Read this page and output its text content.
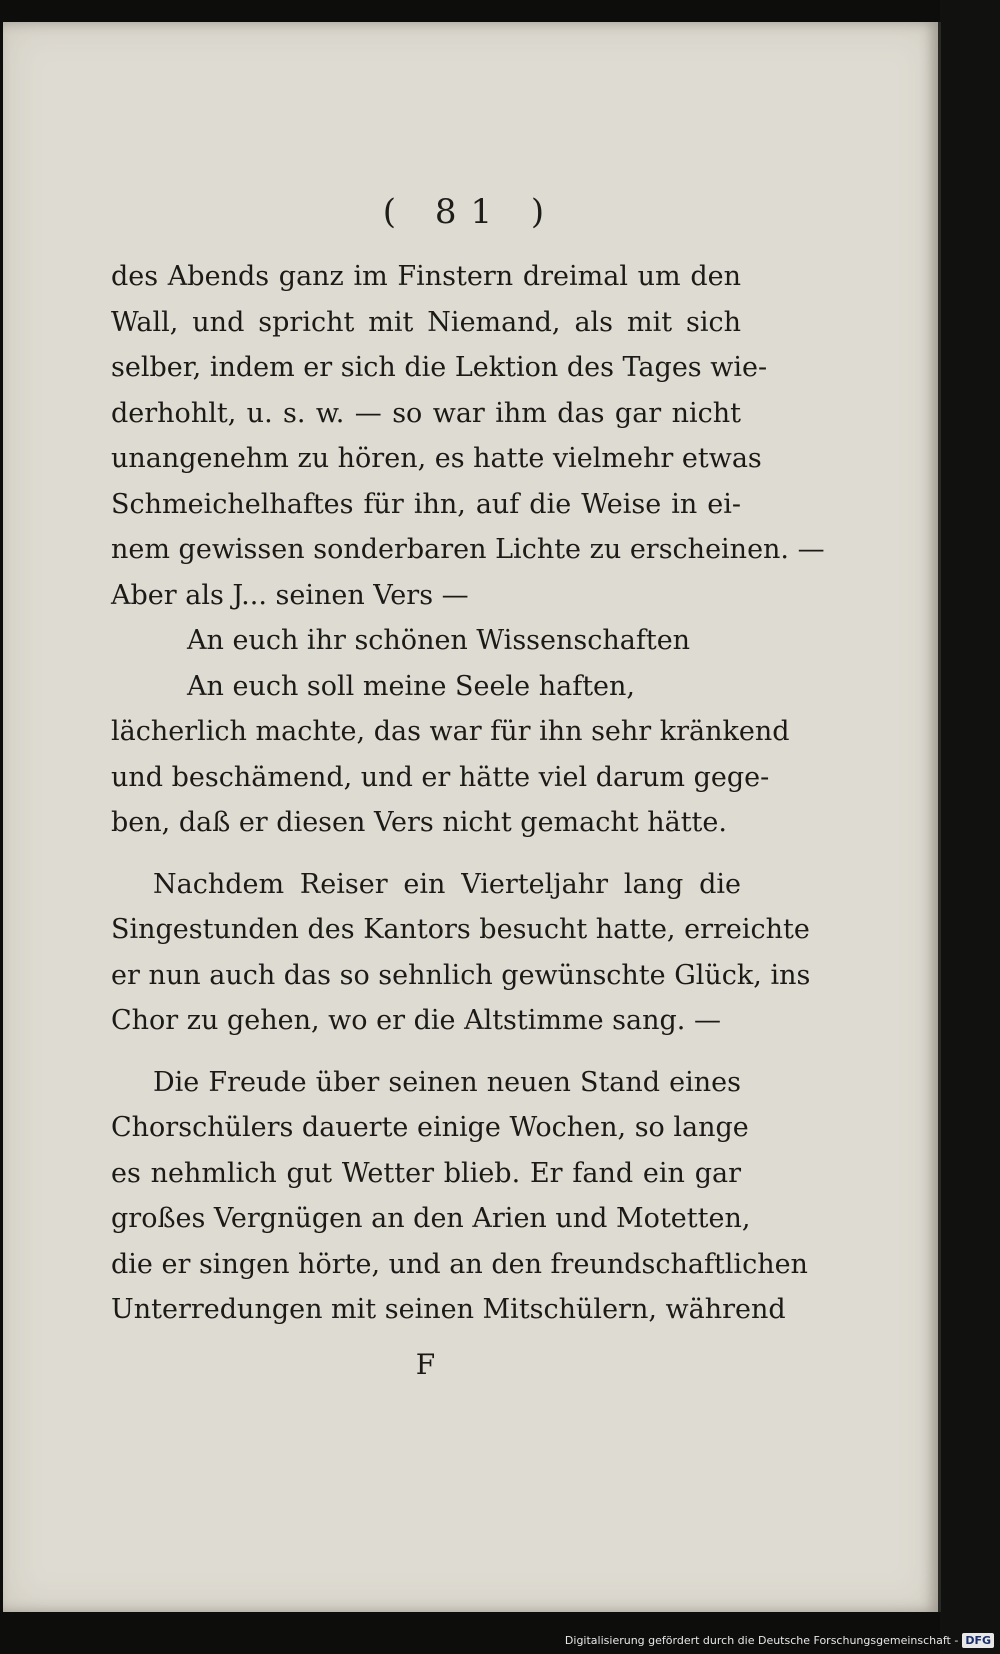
( 81 )
des Abends ganz im Finstern dreimal um den
Wall, und spricht mit Niemand, als mit sich
selber, indem er sich die Lektion des Tages wie-
derhohlt, u. s. w. — so war ihm das gar nicht
unangenehm zu hören, es hatte vielmehr etwas
Schmeichelhaftes für ihn, auf die Weise in ei-
nem gewissen sonderbaren Lichte zu erscheinen. —
Aber als J... seinen Vers —
An euch ihr schönen Wissenschaften
An euch soll meine Seele haften,
lächerlich machte, das war für ihn sehr kränkend
und beschämend, und er hätte viel darum gege-
ben, daß er diesen Vers nicht gemacht hätte.
Nachdem Reiser ein Vierteljahr lang die
Singestunden des Kantors besucht hatte, erreichte
er nun auch das so sehnlich gewünschte Glück, ins
Chor zu gehen, wo er die Altstimme sang. —
Die Freude über seinen neuen Stand eines
Chorschülers dauerte einige Wochen, so lange
es nehmlich gut Wetter blieb. Er fand ein gar
großes Vergnügen an den Arien und Motetten,
die er singen hörte, und an den freundschaftlichen
Unterredungen mit seinen Mitschülern, während
F
Digitalisierung gefördert durch die Deutsche Forschungsgemeinschaft - DFG
